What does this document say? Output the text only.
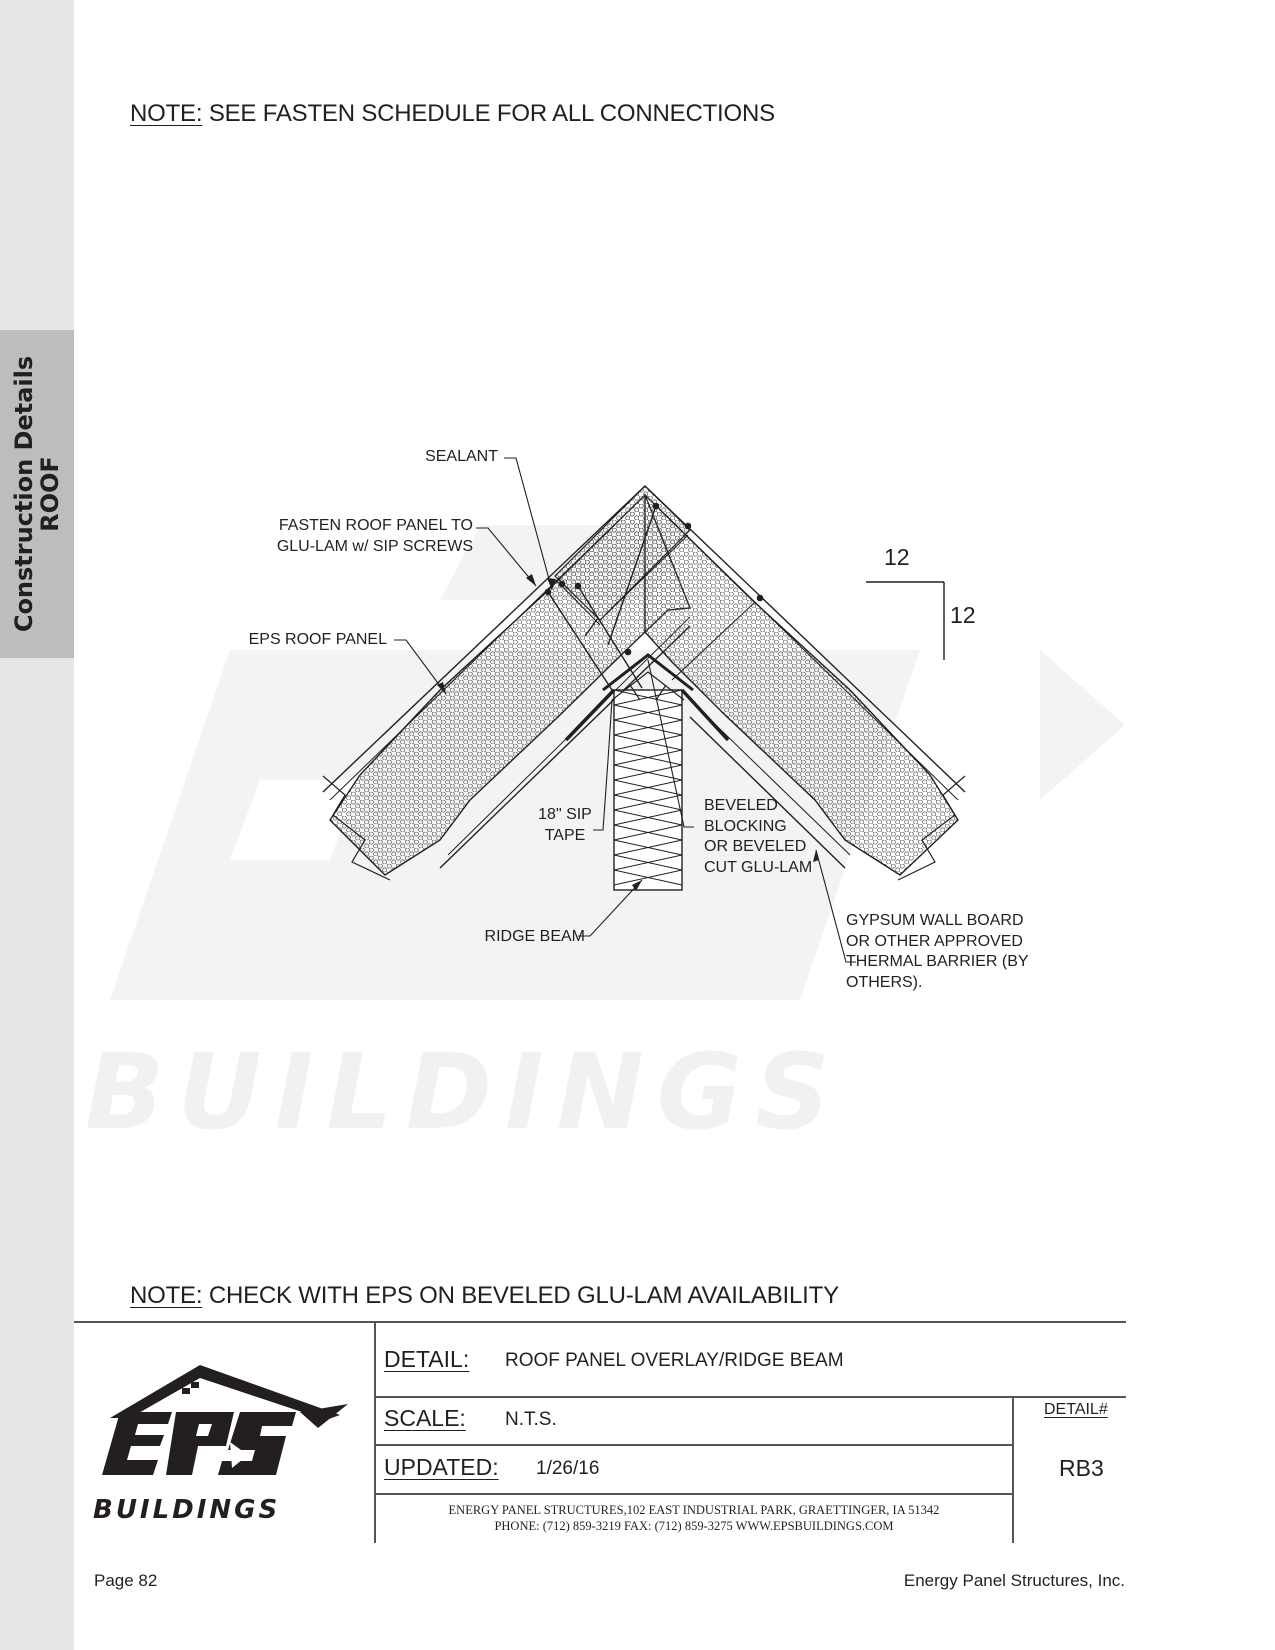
Construction Details
ROOF
NOTE: SEE FASTEN SCHEDULE FOR ALL CONNECTIONS
BUILDINGS
SEALANT
FASTEN ROOF PANEL TO
GLU-LAM w/ SIP SCREWS
EPS ROOF PANEL
18" SIP
TAPE
BEVELED
BLOCKING
OR BEVELED
CUT GLU-LAM
RIDGE BEAM
GYPSUM WALL BOARD
OR OTHER APPROVED
THERMAL BARRIER (BY
OTHERS).
12
12
NOTE: CHECK WITH EPS ON BEVELED GLU-LAM AVAILABILITY
DETAIL: ROOF PANEL OVERLAY/RIDGE BEAM
SCALE: N.T.S.
UPDATED: 1/26/16
DETAIL#
RB3
ENERGY PANEL STRUCTURES,102 EAST INDUSTRIAL PARK, GRAETTINGER, IA 51342
PHONE: (712) 859-3219 FAX: (712) 859-3275 WWW.EPSBUILDINGS.COM
BUILDINGS
Page 82	Energy Panel Structures, Inc.
